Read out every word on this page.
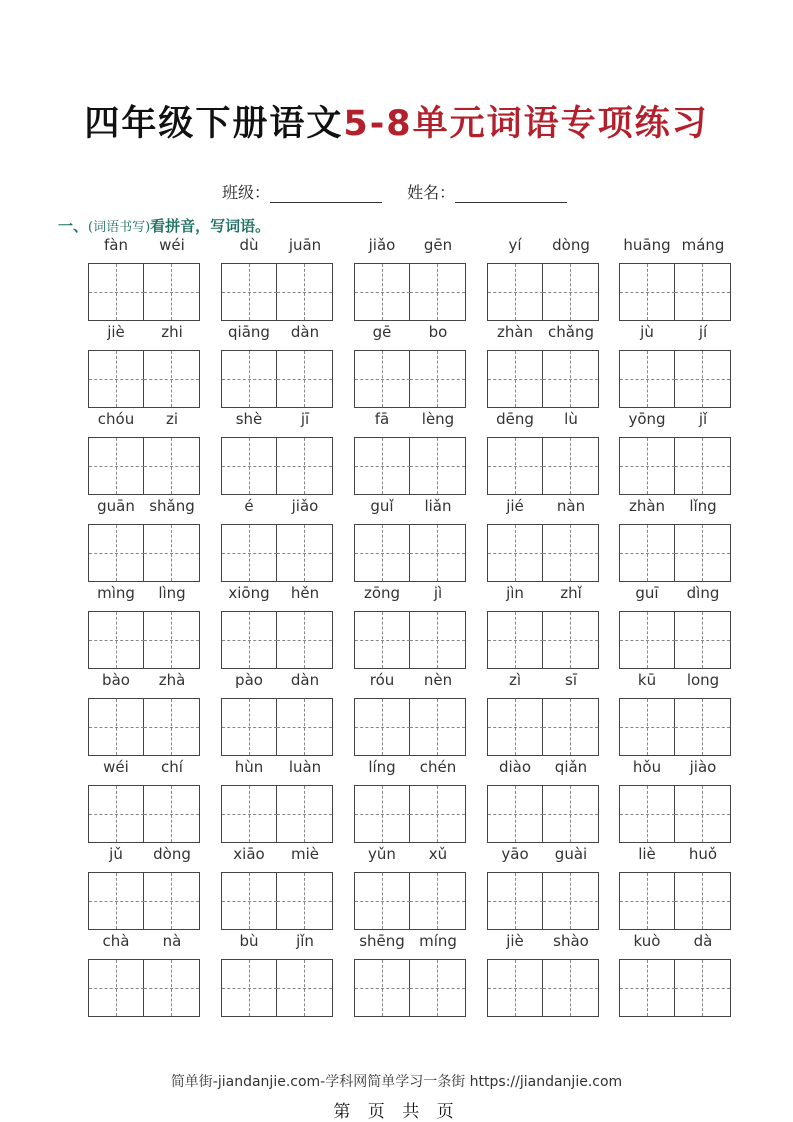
四年级下册语文5-8单元词语专项练习
班级：	姓名：
一、(词语书写)看拼音，写词语。
fàn	wéi	dù	juān	jiǎo	gēn	yí	dòng	huāng máng
jiè	zhi	qiāng	dàn	gē	bo	zhàn chǎng	jù	jí
chóu	zi	shè	jī	fā	lèng	dēng	lù	yōng	jǐ
guān shǎng	é	jiǎo	guǐ	liǎn	jié	nàn	zhàn	lǐng
mìng	lìng	xiōng	hěn	zōng	jì	jìn	zhǐ	guī	dìng
bào	zhà	pào	dàn	róu	nèn	zì	sī	kū	long
wéi	chí	hùn	luàn	líng	chén	diào	qiǎn	hǒu	jiào
jǔ	dòng	xiāo	miè	yǔn	xǔ	yāo	guài	liè	huǒ
chà	nà	bù	jǐn	shēng míng	jiè	shào	kuò	dà
简单街-jiandanjie.com-学科网简单学习一条街 https://jiandanjie.com
第 页 共 页
